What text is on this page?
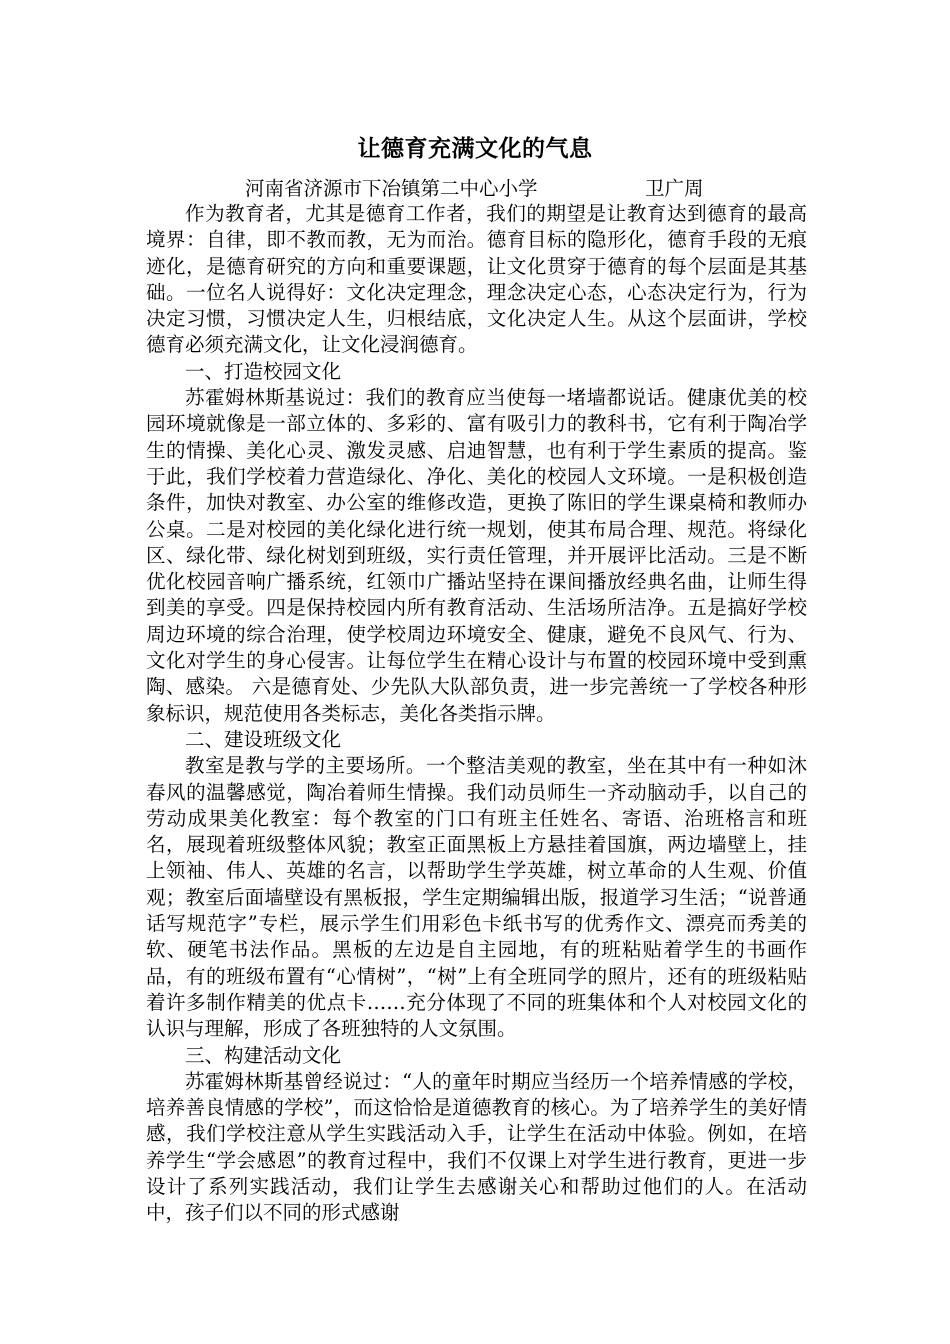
让德育充满文化的气息
河南省济源市下冶镇第二中心小学	卫广周

作为教育者，尤其是德育工作者，我们的期望是让教育达到德育的最高境界：自律，即不教而教，无为而治。德育目标的隐形化，德育手段的无痕迹化，是德育研究的方向和重要课题，让文化贯穿于德育的每个层面是其基础。一位名人说得好：文化决定理念，理念决定心态，心态决定行为，行为决定习惯，习惯决定人生，归根结底，文化决定人生。从这个层面讲，学校德育必须充满文化，让文化浸润德育。

一、打造校园文化

苏霍姆林斯基说过：我们的教育应当使每一堵墙都说话。健康优美的校园环境就像是一部立体的、多彩的、富有吸引力的教科书，它有利于陶冶学生的情操、美化心灵、激发灵感、启迪智慧，也有利于学生素质的提高。鉴于此，我们学校着力营造绿化、净化、美化的校园人文环境。一是积极创造条件，加快对教室、办公室的维修改造，更换了陈旧的学生课桌椅和教师办公桌。二是对校园的美化绿化进行统一规划，使其布局合理、规范。将绿化区、绿化带、绿化树划到班级，实行责任管理，并开展评比活动。三是不断优化校园音响广播系统，红领巾广播站坚持在课间播放经典名曲，让师生得到美的享受。四是保持校园内所有教育活动、生活场所洁净。五是搞好学校周边环境的综合治理，使学校周边环境安全、健康，避免不良风气、行为、文化对学生的身心侵害。让每位学生在精心设计与布置的校园环境中受到熏陶、感染。 六是德育处、少先队大队部负责，进一步完善统一了学校各种形象标识，规范使用各类标志，美化各类指示牌。

二、建设班级文化

教室是教与学的主要场所。一个整洁美观的教室，坐在其中有一种如沐春风的温馨感觉，陶冶着师生情操。我们动员师生一齐动脑动手，以自己的劳动成果美化教室：每个教室的门口有班主任姓名、寄语、治班格言和班名，展现着班级整体风貌；教室正面黑板上方悬挂着国旗，两边墙壁上，挂上领袖、伟人、英雄的名言，以帮助学生学英雄，树立革命的人生观、价值观；教室后面墙壁设有黑板报，学生定期编辑出版，报道学习生活；“说普通话写规范字”专栏，展示学生们用彩色卡纸书写的优秀作文、漂亮而秀美的软、硬笔书法作品。黑板的左边是自主园地，有的班粘贴着学生的书画作品，有的班级布置有“心情树”，“树”上有全班同学的照片，还有的班级粘贴着许多制作精美的优点卡……充分体现了不同的班集体和个人对校园文化的认识与理解，形成了各班独特的人文氛围。

三、构建活动文化

苏霍姆林斯基曾经说过：“人的童年时期应当经历一个培养情感的学校，培养善良情感的学校”，而这恰恰是道德教育的核心。为了培养学生的美好情感，我们学校注意从学生实践活动入手，让学生在活动中体验。例如，在培养学生“学会感恩”的教育过程中，我们不仅课上对学生进行教育，更进一步设计了系列实践活动，我们让学生去感谢关心和帮助过他们的人。在活动中，孩子们以不同的形式感谢
